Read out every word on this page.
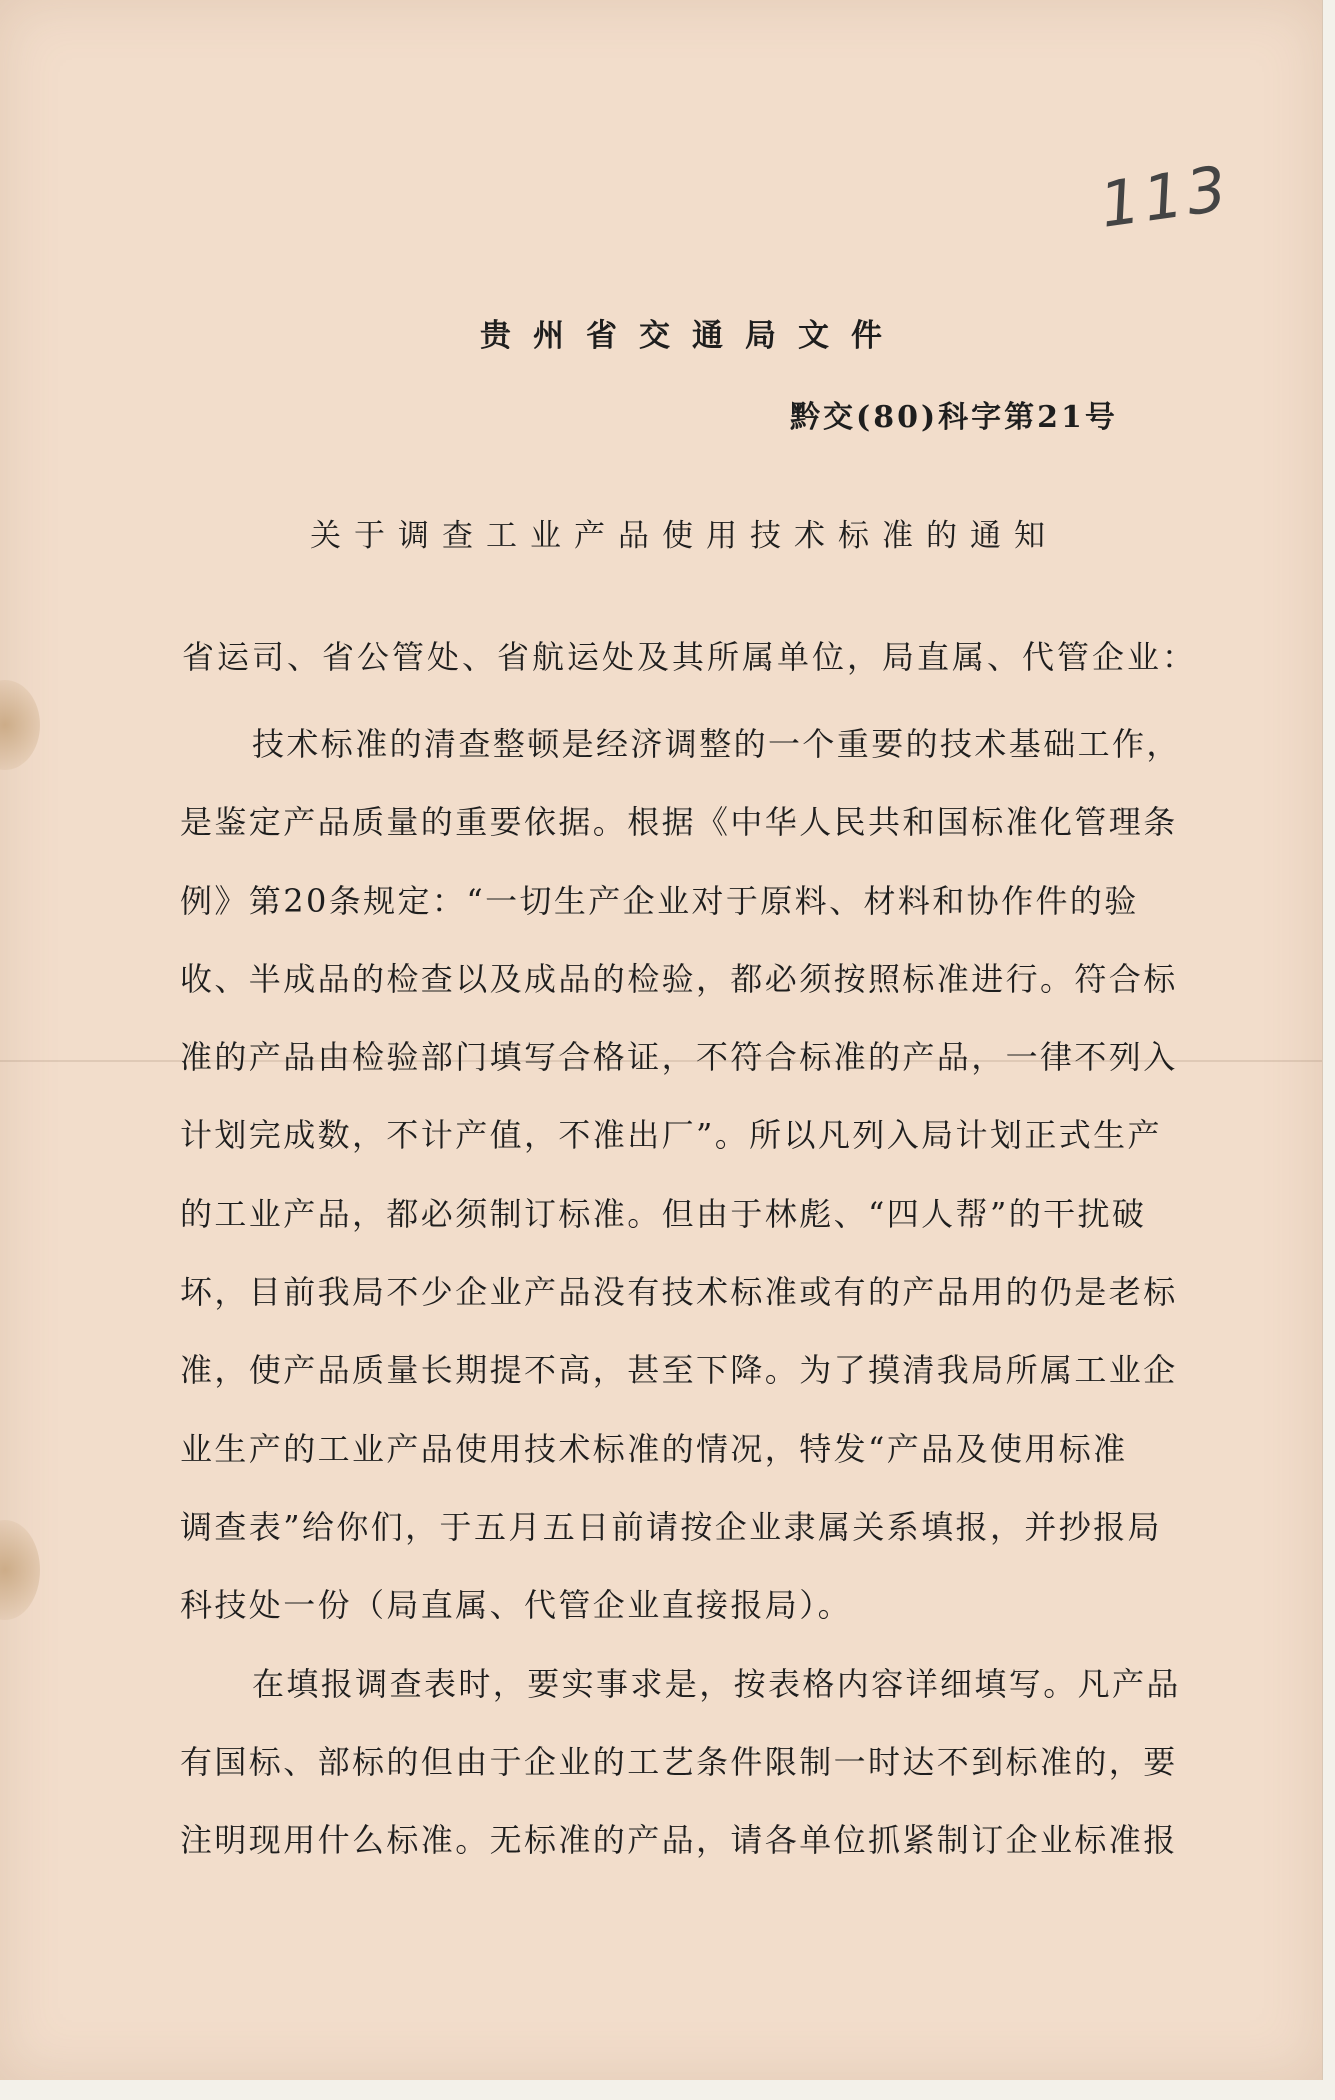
113
贵州省交通局文件
黔交(80)科字第21号
关于调查工业产品使用技术标准的通知
省运司、省公管处、省航运处及其所属单位，局直属、代管企业：
技术标准的清查整顿是经济调整的一个重要的技术基础工作，
是鉴定产品质量的重要依据。根据《中华人民共和国标准化管理条
例》第20条规定：“一切生产企业对于原料、材料和协作件的验
收、半成品的检查以及成品的检验，都必须按照标准进行。符合标
准的产品由检验部门填写合格证，不符合标准的产品，一律不列入
计划完成数，不计产值，不准出厂”。所以凡列入局计划正式生产
的工业产品，都必须制订标准。但由于林彪、“四人帮”的干扰破
坏，目前我局不少企业产品没有技术标准或有的产品用的仍是老标
准，使产品质量长期提不高，甚至下降。为了摸清我局所属工业企
业生产的工业产品使用技术标准的情况，特发“产品及使用标准
调查表”给你们，于五月五日前请按企业隶属关系填报，并抄报局
科技处一份（局直属、代管企业直接报局）。
在填报调查表时，要实事求是，按表格内容详细填写。凡产品
有国标、部标的但由于企业的工艺条件限制一时达不到标准的，要
注明现用什么标准。无标准的产品，请各单位抓紧制订企业标准报
